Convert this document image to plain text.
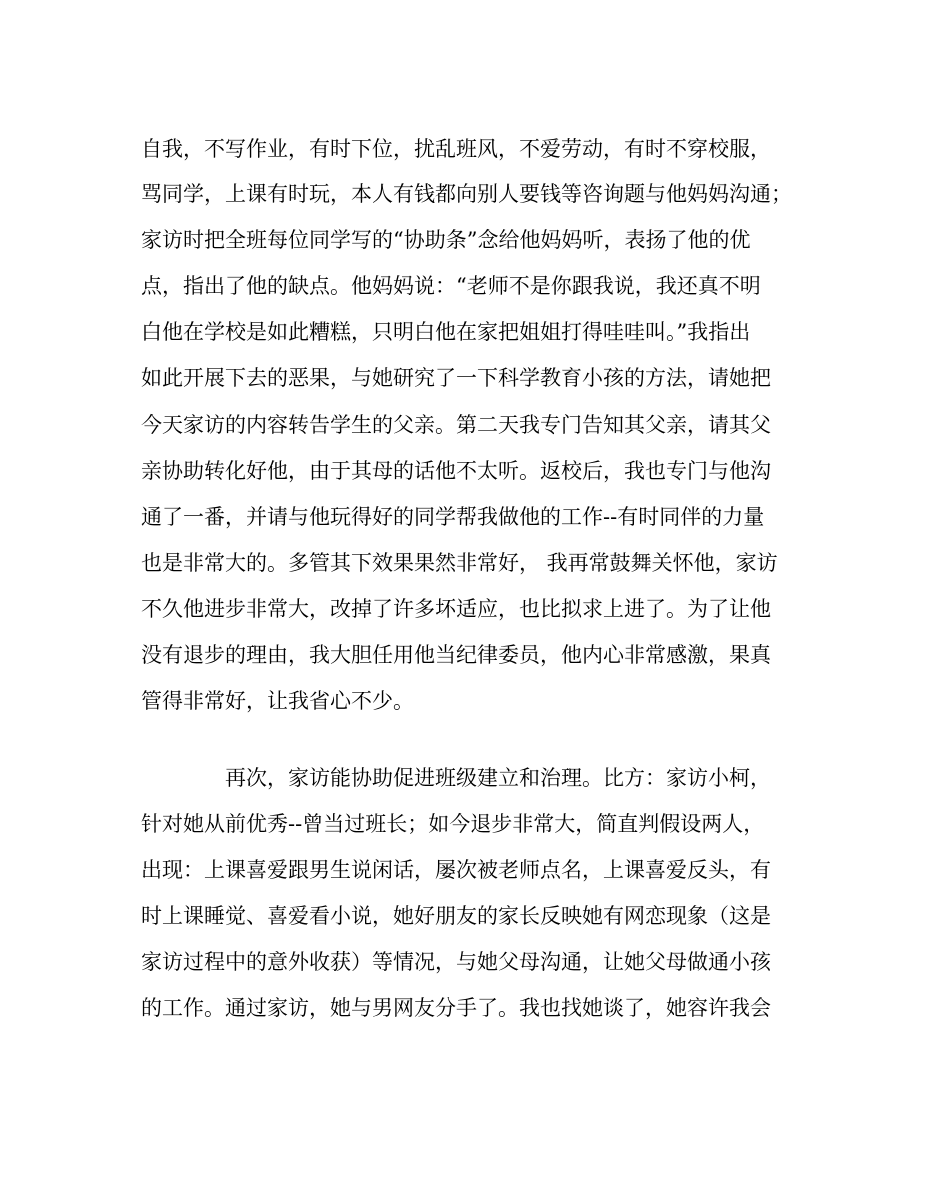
自我，不写作业，有时下位，扰乱班风，不爱劳动，有时不穿校服，
骂同学，上课有时玩，本人有钱都向别人要钱等咨询题与他妈妈沟通；
家访时把全班每位同学写的“协助条”念给他妈妈听，表扬了他的优
点，指出了他的缺点。他妈妈说：“老师不是你跟我说，我还真不明
白他在学校是如此糟糕，只明白他在家把姐姐打得哇哇叫。”我指出
如此开展下去的恶果，与她研究了一下科学教育小孩的方法，请她把
今天家访的内容转告学生的父亲。第二天我专门告知其父亲，请其父
亲协助转化好他，由于其母的话他不太听。返校后，我也专门与他沟
通了一番，并请与他玩得好的同学帮我做他的工作--有时同伴的力量
也是非常大的。多管其下效果果然非常好， 我再常鼓舞关怀他，家访
不久他进步非常大，改掉了许多坏适应，也比拟求上进了。为了让他
没有退步的理由，我大胆任用他当纪律委员，他内心非常感激，果真
管得非常好，让我省心不少。
再次，家访能协助促进班级建立和治理。比方：家访小柯，
针对她从前优秀--曾当过班长；如今退步非常大，简直判假设两人，
出现：上课喜爱跟男生说闲话，屡次被老师点名，上课喜爱反头，有
时上课睡觉、喜爱看小说，她好朋友的家长反映她有网恋现象（这是
家访过程中的意外收获）等情况，与她父母沟通，让她父母做通小孩
的工作。通过家访，她与男网友分手了。我也找她谈了，她容许我会
